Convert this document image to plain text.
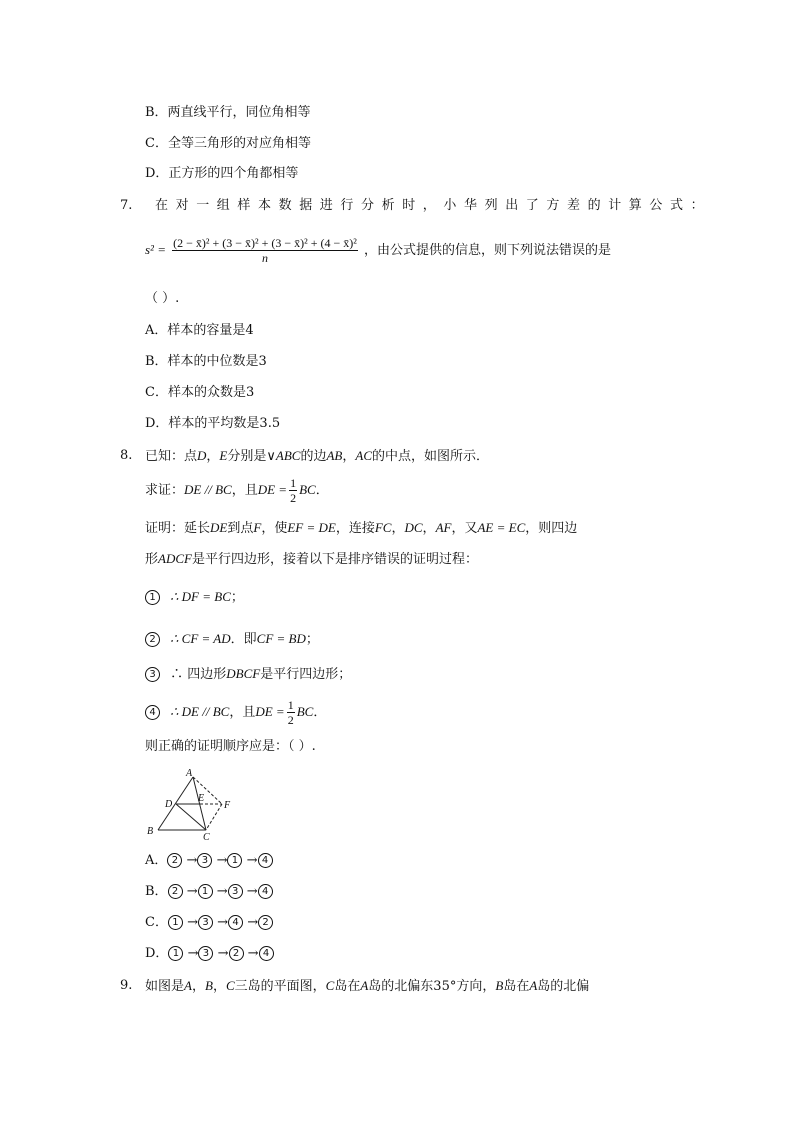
B．两直线平行，同位角相等
C．全等三角形的对应角相等
D．正方形的四个角都相等
7. 在对一组样本数据进行分析时，小华列出了方差的计算公式：
$s^2 = \frac{\text{(2 − x̄)² + (3 − x̄)² + (3 − x̄)² + (4 − x̄)²}}{n}$ ，由公式提供的信息，则下列说法错误的是
（ ）.
A．样本的容量是4
B．样本的中位数是3
C．样本的众数是3
D．样本的平均数是3.5
8. 已知：点D，E分别是∨ABC的边AB，AC的中点，如图所示．
求证：DE // BC，且DE = $\frac{1}{2}$ BC．
证明：延长DE到点F，使EF = DE，连接FC，DC，AF，又AE = EC，则四边
形ADCF是平行四边形，接着以下是排序错误的证明过程：
1 ∴ DF = BC；
2 ∴ CF = AD．即CF = BD；
3 ∴ 四边形DBCF是平行四边形；
4 ∴ DE // BC，且DE = $\frac{1}{2}$ BC．
则正确的证明顺序应是：（ ）.
A
B
C
D
E
F
A． 2 → 3 → 1 → 4
B． 2 → 1 → 3 → 4
C． 1 → 3 → 4 → 2
D． 1 → 3 → 2 → 4
9. 如图是A，B，C三岛的平面图，C岛在A岛的北偏东35°方向，B岛在A岛的北偏
